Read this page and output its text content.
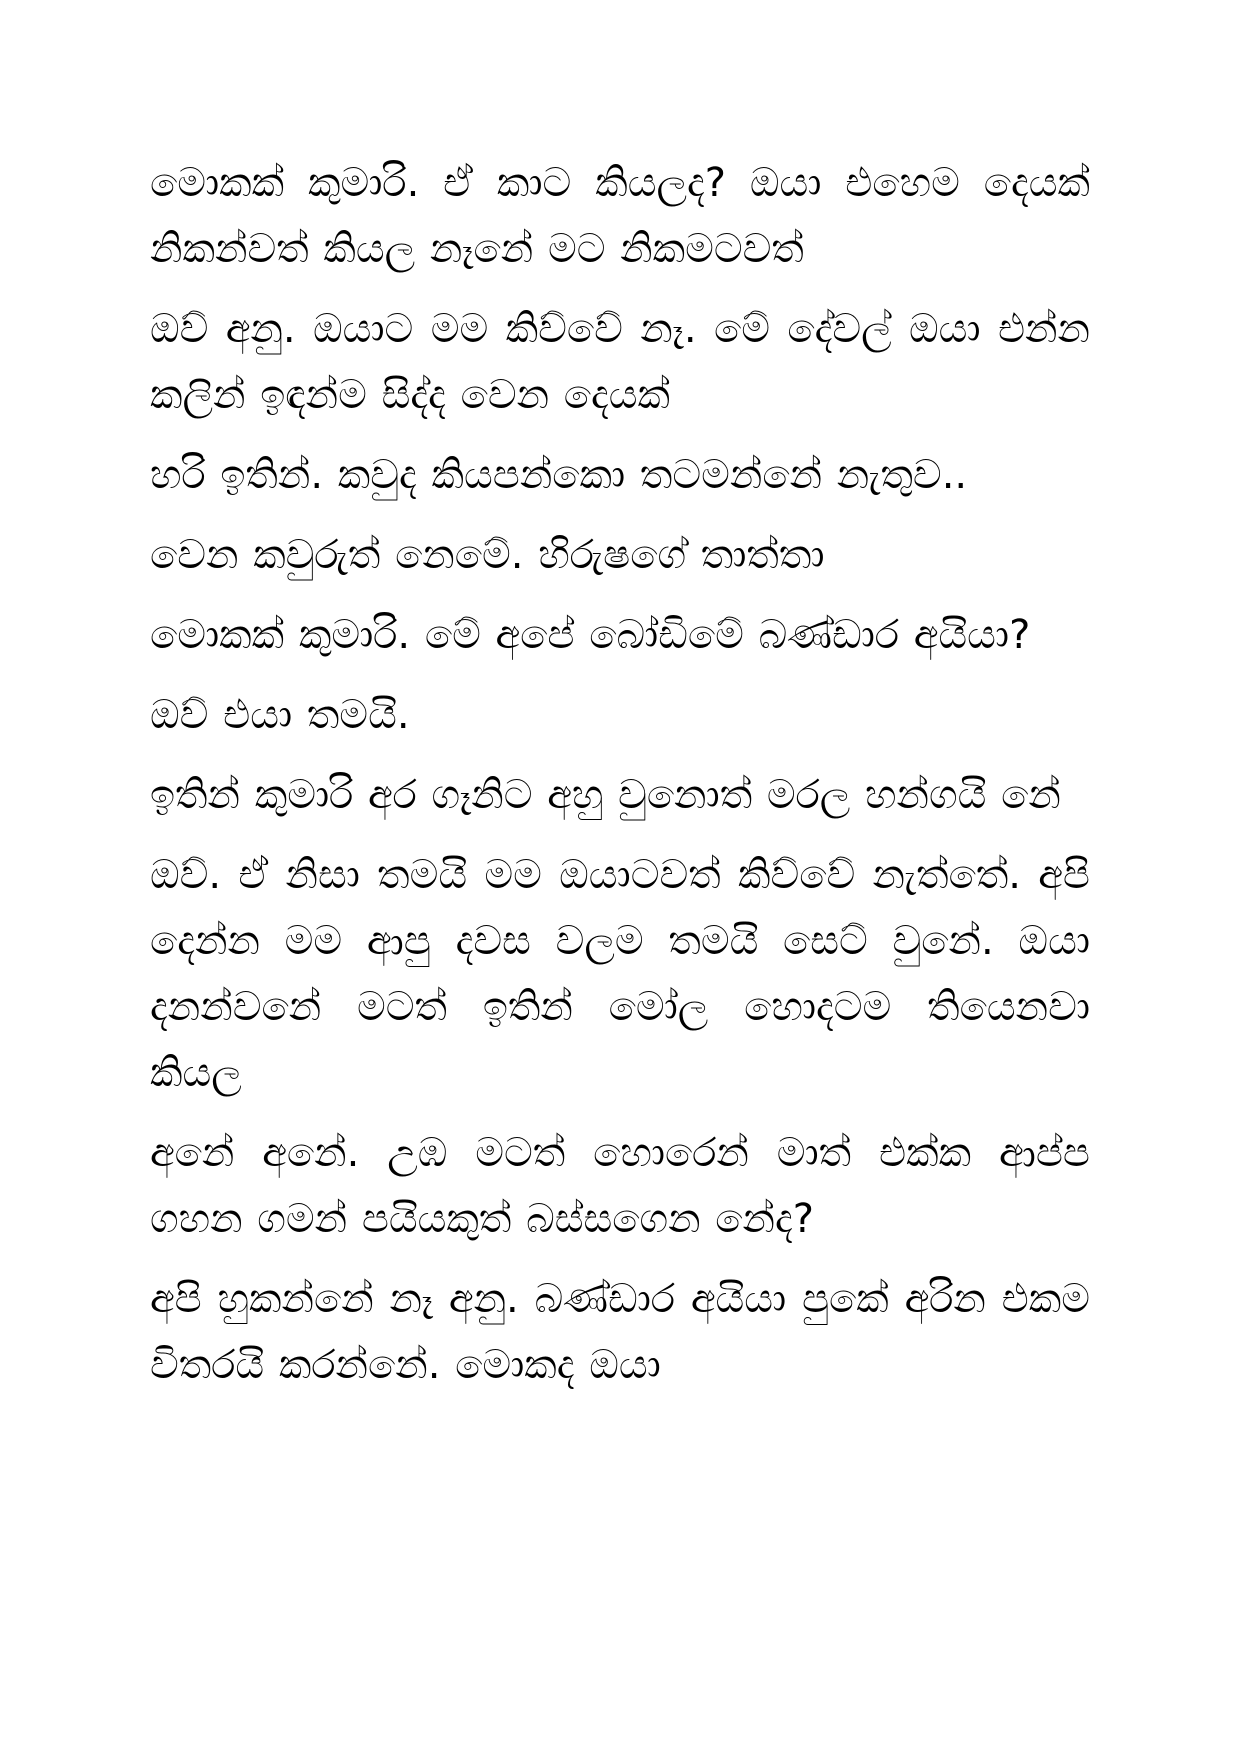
මොකක් කුමාරි. ඒ කාට කියලද? ඔයා එහෙම දෙයක් නිකන්වත් කියල නෑනේ මට නිකමටවත්

ඔව් අනු. ඔයාට මම කිව්වේ නෑ. මේ දේවල් ඔයා එන්න කලින් ඉඳන්ම සිද්ද වෙන දෙයක්

හරි ඉතින්. කවුද කියපන්කො තටමන්නේ නැතුව..

වෙන කවුරුත් නෙමේ. හිරුෂගේ තාත්තා

මොකක් කුමාරි. මේ අපේ බෝඩිමේ බණ්ඩාර අයියා?

ඔව් එයා තමයි.

ඉතින් කුමාරි අර ගෑනිට අහු වුනොත් මරල හන්ගයි නේ

ඔව්. ඒ නිසා තමයි මම ඔයාටවත් කිව්වේ නැත්තේ. අපි දෙන්න මම ආපු දවස වලම තමයි සෙට් වුනේ. ඔයා දනන්වනේ මටත් ඉතින් මෝල හොදටම තියෙනවා කියල

අනේ අනේ. උඹ මටත් හොරෙන් මාත් එක්ක ආප්ප ගහන ගමන් පයියකුත් බස්සගෙන නේද?

අපි හුකන්නේ නෑ අනු. බණ්ඩාර අයියා පුකේ අරින එකම විතරයි කරන්නේ. මොකද ඔයා
